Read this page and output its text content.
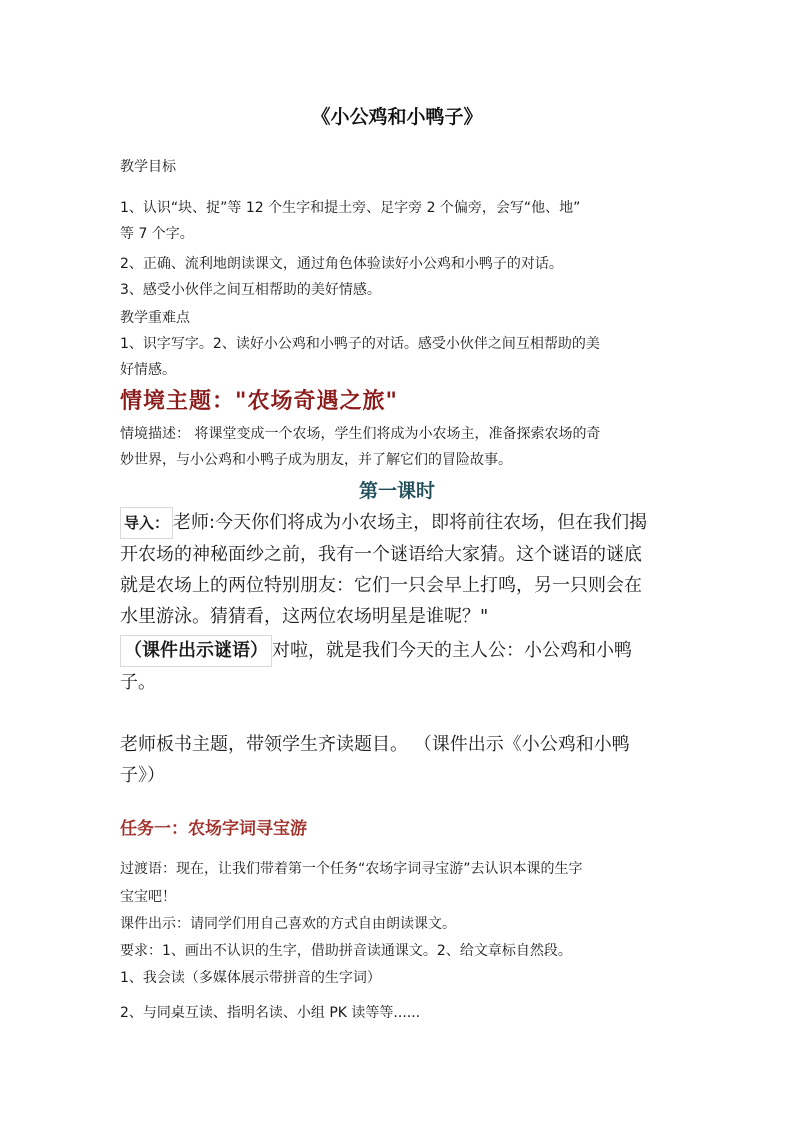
《小公鸡和小鸭子》

教学目标

1、认识“块、捉”等 12 个生字和提土旁、足字旁 2 个偏旁，会写“他、地”

等 7 个字。

2、正确、流利地朗读课文，通过角色体验读好小公鸡和小鸭子的对话。

3、感受小伙伴之间互相帮助的美好情感。

教学重难点

1、识字写字。2、读好小公鸡和小鸭子的对话。感受小伙伴之间互相帮助的美

好情感。

情境主题："农场奇遇之旅"

情境描述： 将课堂变成一个农场，学生们将成为小农场主，准备探索农场的奇

妙世界，与小公鸡和小鸭子成为朋友，并了解它们的冒险故事。

第一课时

导入： 老师:今天你们将成为小农场主，即将前往农场，但在我们揭

开农场的神秘面纱之前，我有一个谜语给大家猜。这个谜语的谜底

就是农场上的两位特别朋友：它们一只会早上打鸣，另一只则会在

水里游泳。猜猜看，这两位农场明星是谁呢？"

（课件出示谜语） 对啦，就是我们今天的主人公：小公鸡和小鸭

子。

老师板书主题，带领学生齐读题目。 （课件出示《小公鸡和小鸭

子》）

任务一：农场字词寻宝游

过渡语：现在，让我们带着第一个任务“农场字词寻宝游”去认识本课的生字

宝宝吧！

课件出示：请同学们用自己喜欢的方式自由朗读课文。

要求：1、画出不认识的生字，借助拼音读通课文。2、给文章标自然段。

1、我会读（多媒体展示带拼音的生字词）

2、与同桌互读、指明名读、小组 PK 读等等......
